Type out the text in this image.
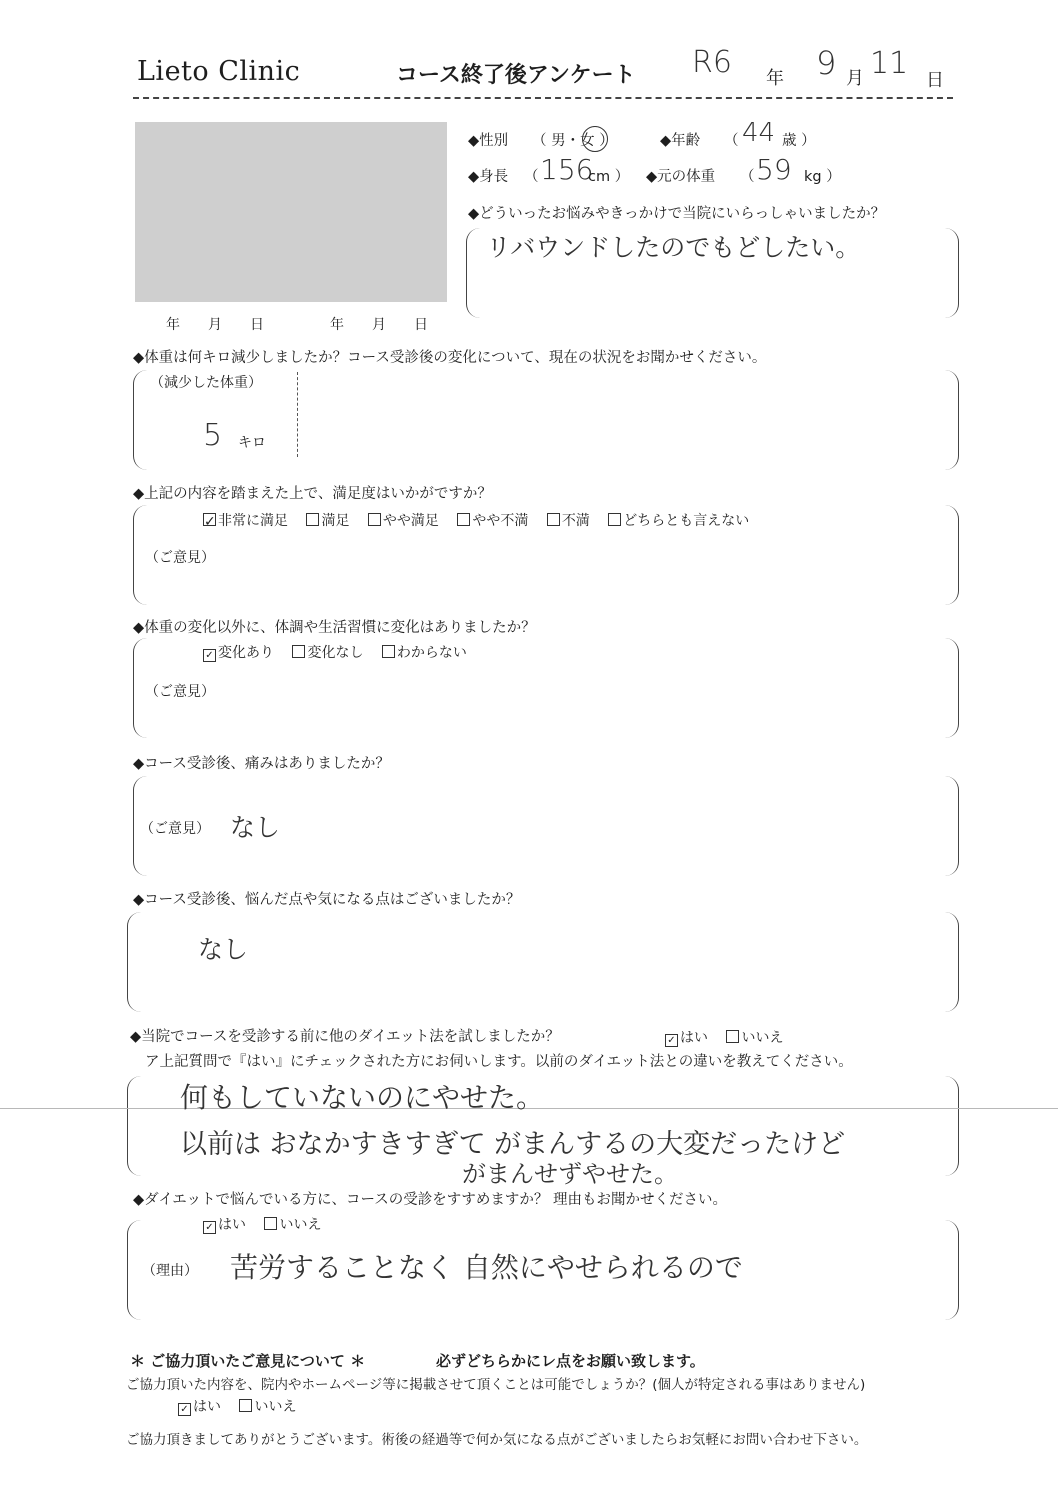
Lieto Clinic	コース終了後アンケート R6 年 9 月 11 日
年　　月　　日	年　　月　　日
◆性別 （ 男・女 ）	◆年齢 （ 44 歳 ）
◆身長 （ 156
cm ） ◆元の体重 （ 59 kg ）
◆どういったお悩みやきっかけで当院にいらっしゃいましたか？
リバウンドしたのでもどしたい。
◆体重は何キロ減少しましたか？コース受診後の変化について、現在の状況をお聞かせください。
（減少した体重）
5 キロ
◆上記の内容を踏まえた上で、満足度はいかがですか？
✓ 非常に満足 満足 やや満足 やや不満 不満 どちらとも言えない
（ご意見）
◆体重の変化以外に、体調や生活習慣に変化はありましたか？
✓ 変化あり 変化なし わからない
（ご意見）
◆コース受診後、痛みはありましたか？
（ご意見） なし
◆コース受診後、悩んだ点や気になる点はございましたか？
なし
◆当院でコースを受診する前に他のダイエット法を試しましたか？	✓ はい いいえ
ア上記質問で『はい』にチェックされた方にお伺いします。以前のダイエット法との違いを教えてください。
何もしていないのにやせた。
以前は おなかすきすぎて がまんするの大変だったけど
がまんせずやせた。
◆ダイエットで悩んでいる方に、コースの受診をすすめますか？ 理由もお聞かせください。
✓ はい いいえ
（理由） 苦労することなく 自然にやせられるので
＊ ご協力頂いたご意見について ＊	必ずどちらかにレ点をお願い致します。
ご協力頂いた内容を、院内やホームページ等に掲載させて頂くことは可能でしょうか？(個人が特定される事はありません)
✓ はい いいえ
ご協力頂きましてありがとうございます。術後の経過等で何か気になる点がございましたらお気軽にお問い合わせ下さい。
